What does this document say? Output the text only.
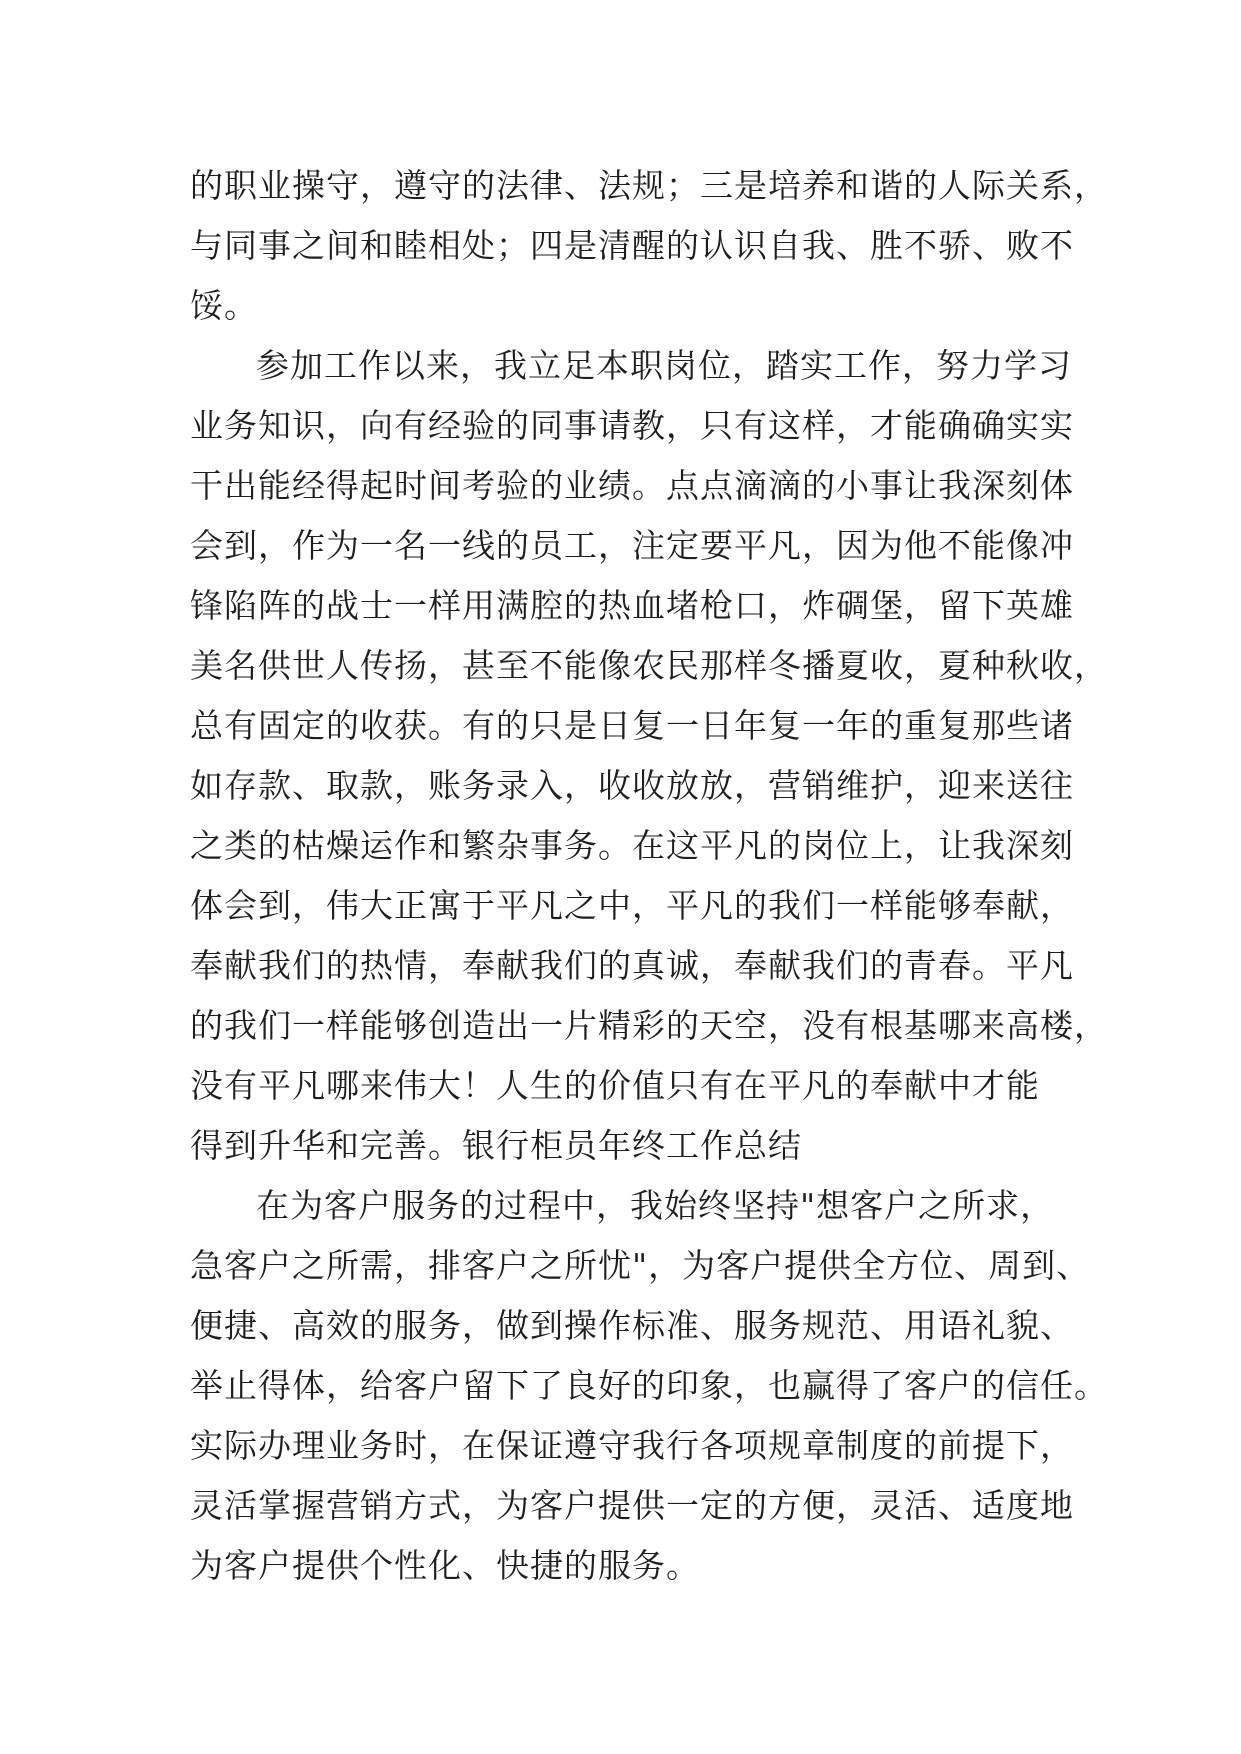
的职业操守，遵守的法律、法规；三是培养和谐的人际关系，
与同事之间和睦相处；四是清醒的认识自我、胜不骄、败不
馁。
参加工作以来，我立足本职岗位，踏实工作，努力学习
业务知识，向有经验的同事请教，只有这样，才能确确实实
干出能经得起时间考验的业绩。点点滴滴的小事让我深刻体
会到，作为一名一线的员工，注定要平凡，因为他不能像冲
锋陷阵的战士一样用满腔的热血堵枪口，炸碉堡，留下英雄
美名供世人传扬，甚至不能像农民那样冬播夏收，夏种秋收，
总有固定的收获。有的只是日复一日年复一年的重复那些诸
如存款、取款，账务录入，收收放放，营销维护，迎来送往
之类的枯燥运作和繁杂事务。在这平凡的岗位上，让我深刻
体会到，伟大正寓于平凡之中，平凡的我们一样能够奉献，
奉献我们的热情，奉献我们的真诚，奉献我们的青春。平凡
的我们一样能够创造出一片精彩的天空，没有根基哪来高楼，
没有平凡哪来伟大！人生的价值只有在平凡的奉献中才能
得到升华和完善。银行柜员年终工作总结
在为客户服务的过程中，我始终坚持"想客户之所求，
急客户之所需，排客户之所忧"，为客户提供全方位、周到、
便捷、高效的服务，做到操作标准、服务规范、用语礼貌、
举止得体，给客户留下了良好的印象，也赢得了客户的信任。
实际办理业务时，在保证遵守我行各项规章制度的前提下，
灵活掌握营销方式，为客户提供一定的方便，灵活、适度地
为客户提供个性化、快捷的服务。
